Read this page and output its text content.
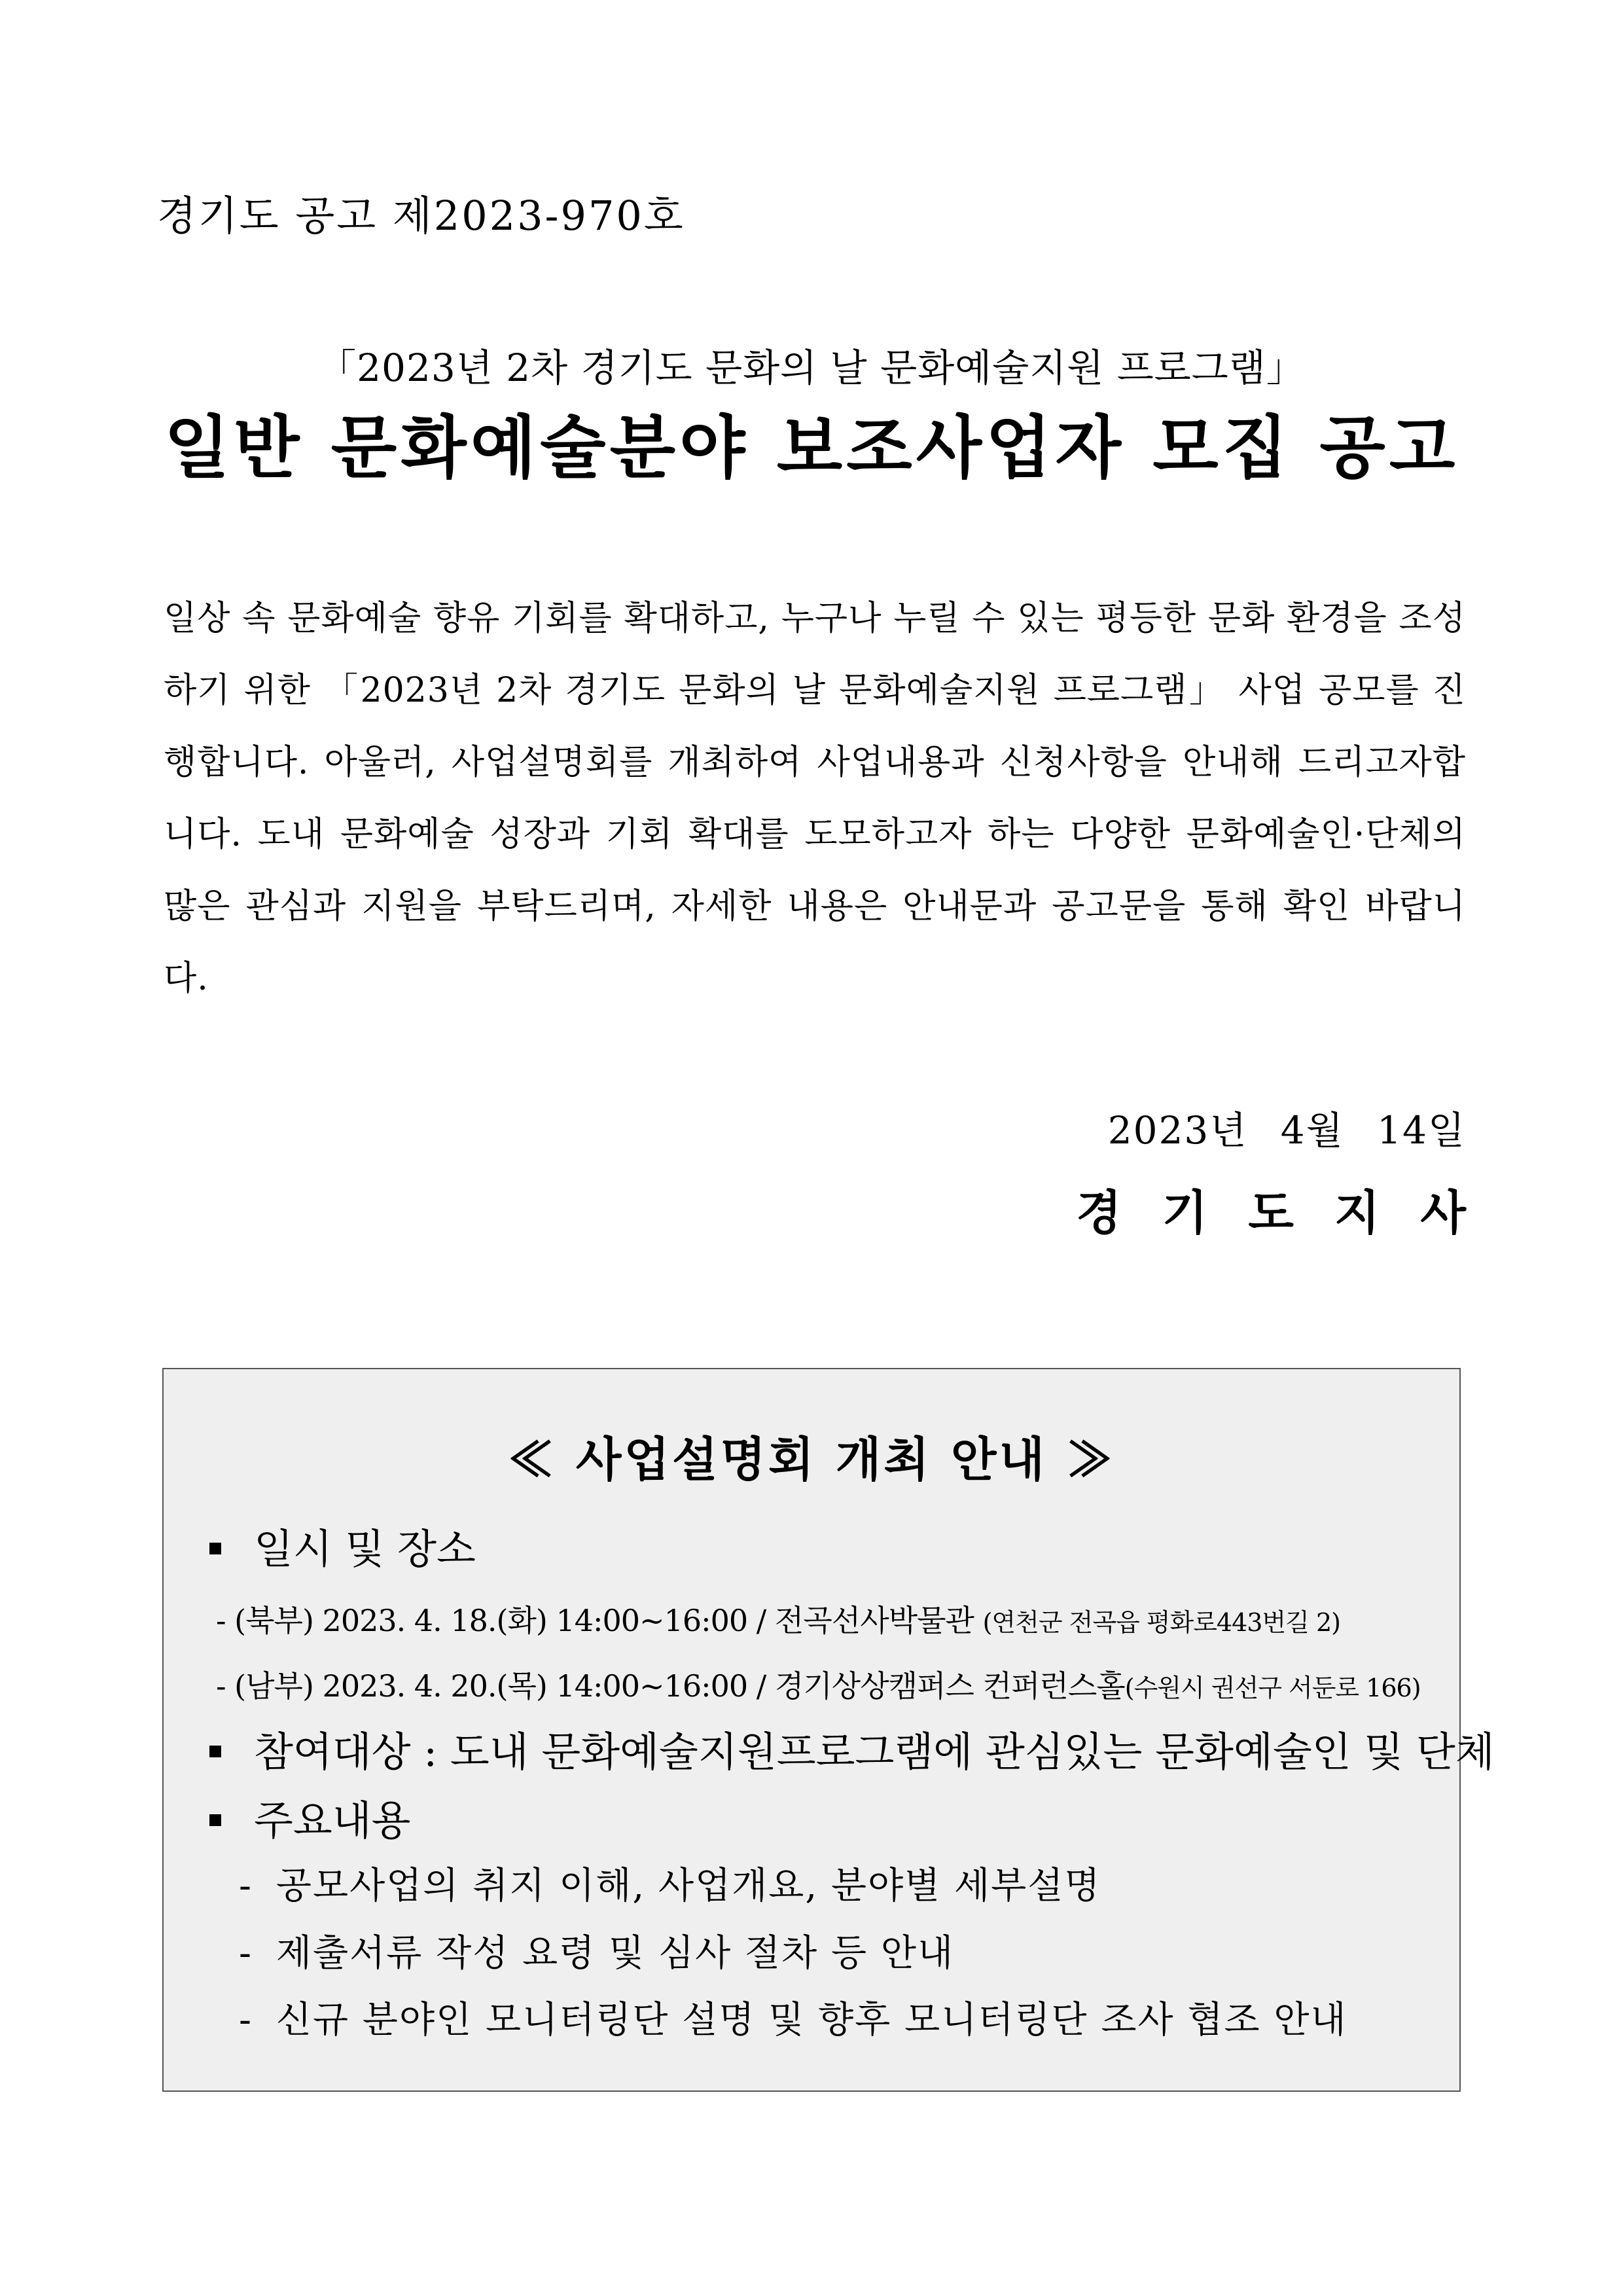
경기도 공고 제2023-970호
「2023년 2차 경기도 문화의 날 문화예술지원 프로그램」
일반 문화예술분야 보조사업자 모집 공고

일상 속 문화예술 향유 기회를 확대하고, 누구나 누릴 수 있는 평등한 문화 환경을 조성하기 위한 「2023년 2차 경기도 문화의 날 문화예술지원 프로그램」 사업 공모를 진행합니다. 아울러, 사업설명회를 개최하여 사업내용과 신청사항을 안내해 드리고자합니다. 도내 문화예술 성장과 기회 확대를 도모하고자 하는 다양한 문화예술인·단체의 많은 관심과 지원을 부탁드리며, 자세한 내용은 안내문과 공고문을 통해 확인 바랍니다.

2023년 4월 14일
경기도지사
≪ 사업설명회 개최 안내 ≫
일시 및 장소
- (북부) 2023. 4. 18.(화) 14:00~16:00 / 전곡선사박물관 (연천군 전곡읍 평화로443번길 2)
- (남부) 2023. 4. 20.(목) 14:00~16:00 / 경기상상캠퍼스 컨퍼런스홀(수원시 권선구 서둔로 166)
참여대상 : 도내 문화예술지원프로그램에 관심있는 문화예술인 및 단체
주요내용
- 공모사업의 취지 이해, 사업개요, 분야별 세부설명
- 제출서류 작성 요령 및 심사 절차 등 안내
- 신규 분야인 모니터링단 설명 및 향후 모니터링단 조사 협조 안내
